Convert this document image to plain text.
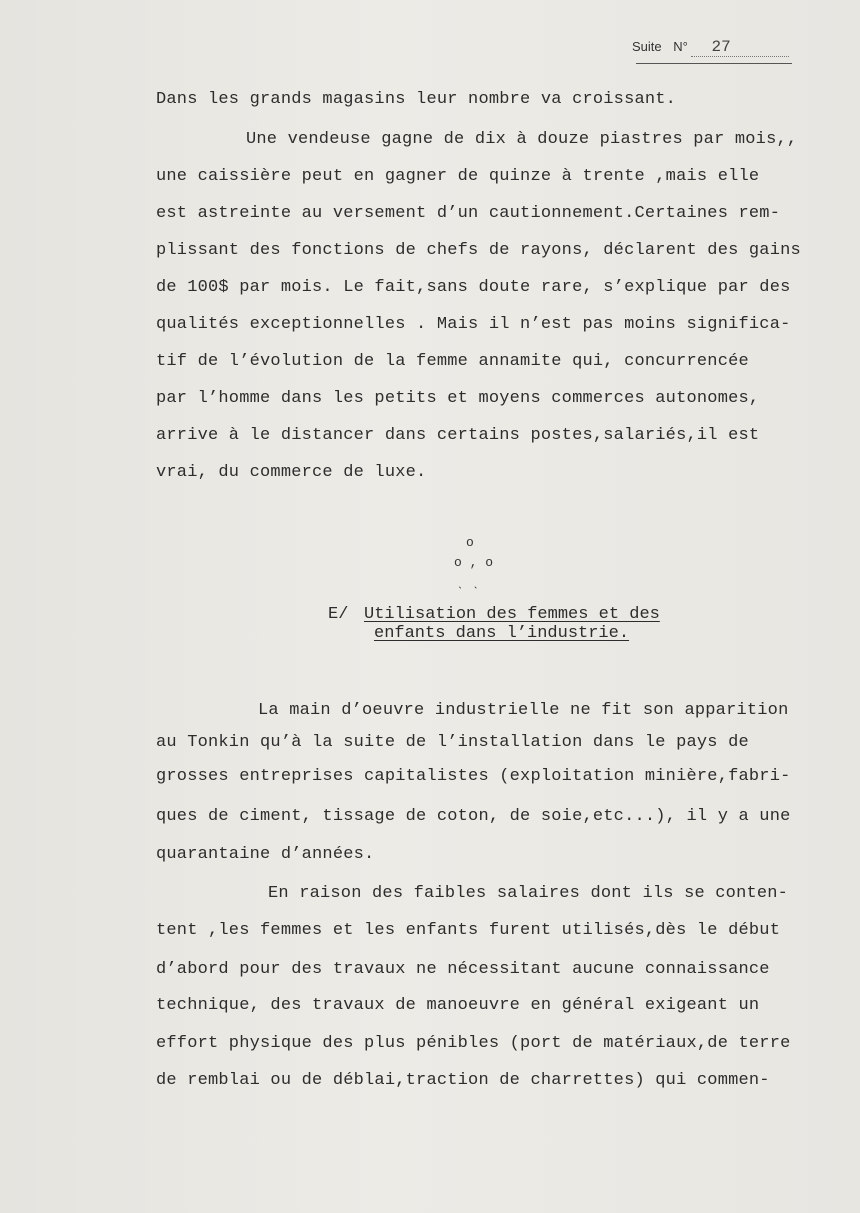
Suite N° 27
Dans les grands magasins leur nombre va croissant.
Une vendeuse gagne de dix à douze piastres par mois,,
une caissière peut en gagner de quinze à trente ,mais elle
est astreinte au versement d’un cautionnement.Certaines rem-
plissant des fonctions de chefs de rayons, déclarent des gains
de 100$ par mois. Le fait,sans doute rare, s’explique par des
qualités exceptionnelles . Mais il n’est pas moins significa-
tif de l’évolution de la femme annamite qui, concurrencée
par l’homme dans les petits et moyens commerces autonomes,
arrive à le distancer dans certains postes,salariés,il est
vrai, du commerce de luxe.
o
o , o
ˎ ˎ
E/ Utilisation des femmes et des
enfants dans l’industrie.
La main d’oeuvre industrielle ne fit son apparition
au Tonkin qu’à la suite de l’installation dans le pays de
grosses entreprises capitalistes (exploitation minière,fabri-
ques de ciment, tissage de coton, de soie,etc...), il y a une
quarantaine d’années.
En raison des faibles salaires dont ils se conten-
tent ,les femmes et les enfants furent utilisés,dès le début
d’abord pour des travaux ne nécessitant aucune connaissance
technique, des travaux de manoeuvre en général exigeant un
effort physique des plus pénibles (port de matériaux,de terre
de remblai ou de déblai,traction de charrettes) qui commen-
